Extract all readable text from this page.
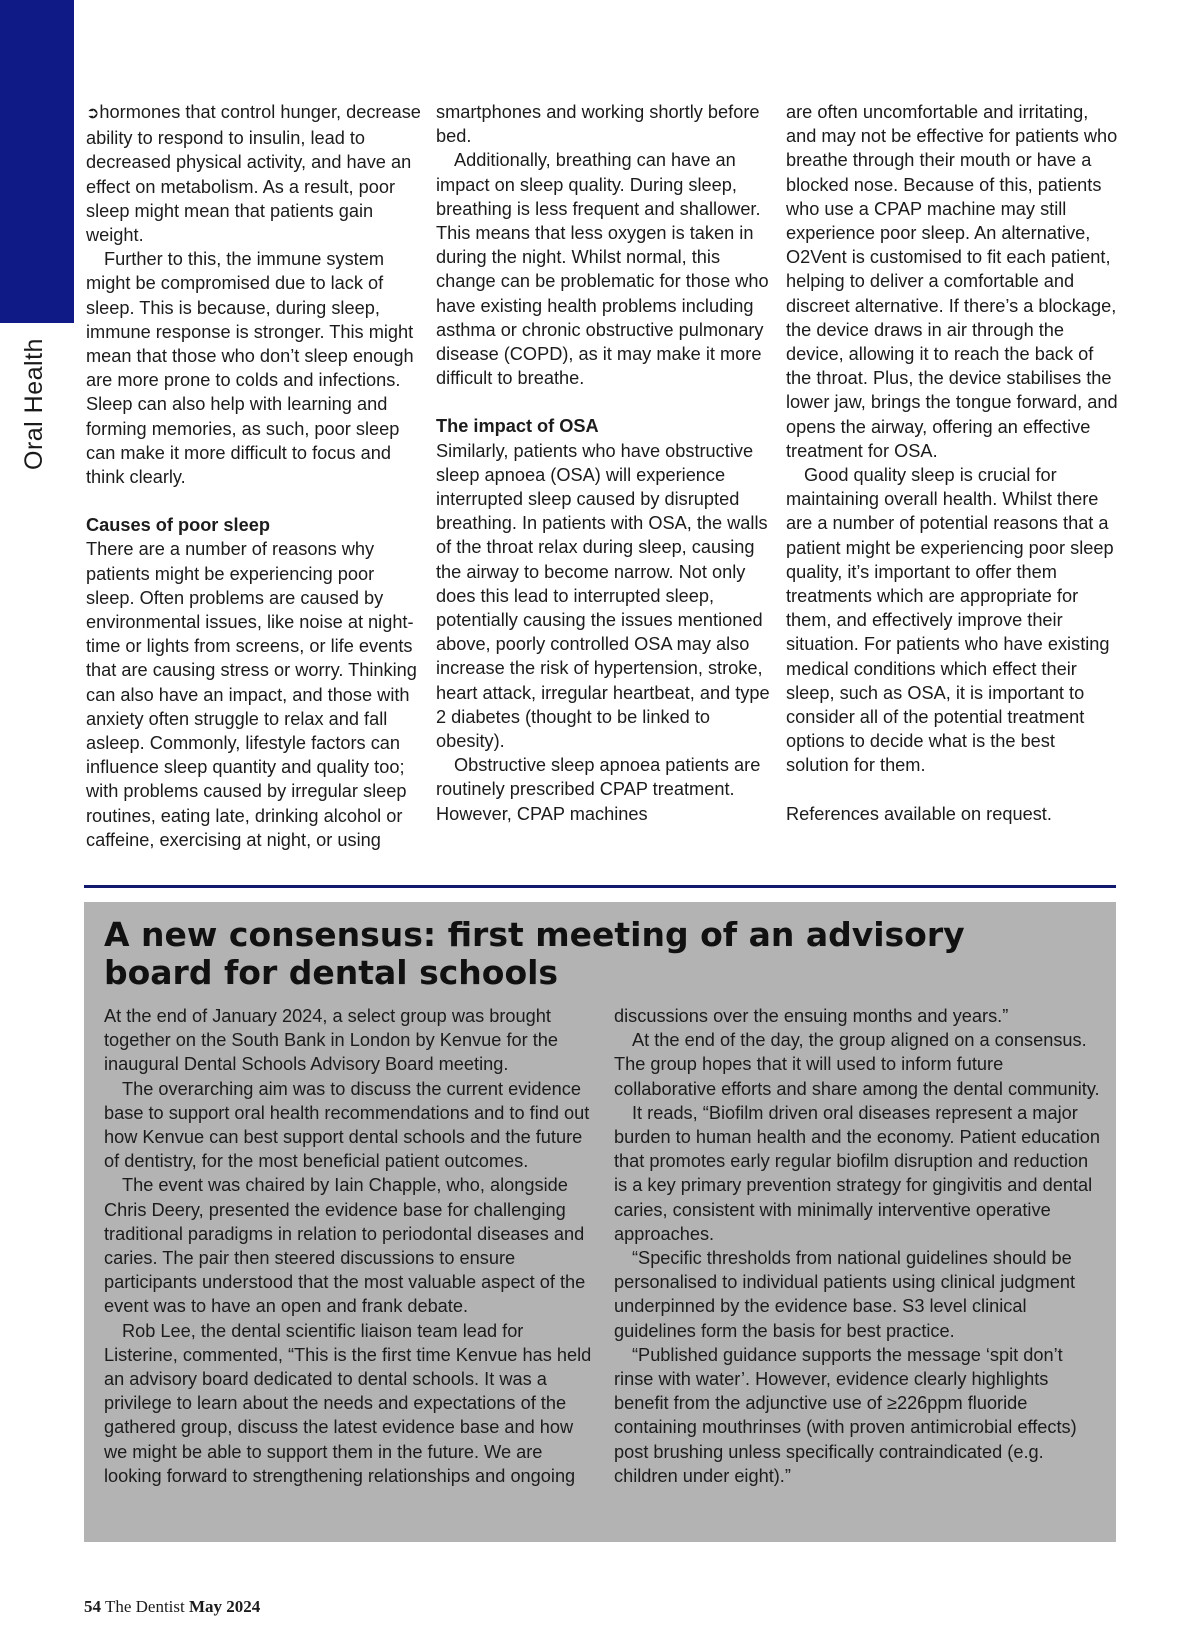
Oral Health

➲hormones that control hunger, decrease ability to respond to insulin, lead to decreased physical activity, and have an effect on metabolism. As a result, poor sleep might mean that patients gain weight.

Further to this, the immune system might be compromised due to lack of sleep. This is because, during sleep, immune response is stronger. This might mean that those who don’t sleep enough are more prone to colds and infections. Sleep can also help with learning and forming memories, as such, poor sleep can make it more difficult to focus and think clearly.

Causes of poor sleep

There are a number of reasons why patients might be experiencing poor sleep. Often problems are caused by environmental issues, like noise at night-time or lights from screens, or life events that are causing stress or worry. Thinking can also have an impact, and those with anxiety often struggle to relax and fall asleep. Commonly, lifestyle factors can influence sleep quantity and quality too; with problems caused by irregular sleep routines, eating late, drinking alcohol or caffeine, exercising at night, or using

smartphones and working shortly before bed.

Additionally, breathing can have an impact on sleep quality. During sleep, breathing is less frequent and shallower. This means that less oxygen is taken in during the night. Whilst normal, this change can be problematic for those who have existing health problems including asthma or chronic obstructive pulmonary disease (COPD), as it may make it more difficult to breathe.

The impact of OSA

Similarly, patients who have obstructive sleep apnoea (OSA) will experience interrupted sleep caused by disrupted breathing. In patients with OSA, the walls of the throat relax during sleep, causing the airway to become narrow. Not only does this lead to interrupted sleep, potentially causing the issues mentioned above, poorly controlled OSA may also increase the risk of hypertension, stroke, heart attack, irregular heartbeat, and type 2 diabetes (thought to be linked to obesity).

Obstructive sleep apnoea patients are routinely prescribed CPAP treatment. However, CPAP machines

are often uncomfortable and irritating, and may not be effective for patients who breathe through their mouth or have a blocked nose. Because of this, patients who use a CPAP machine may still experience poor sleep. An alternative, O2Vent is customised to fit each patient, helping to deliver a comfortable and discreet alternative. If there’s a blockage, the device draws in air through the device, allowing it to reach the back of the throat. Plus, the device stabilises the lower jaw, brings the tongue forward, and opens the airway, offering an effective treatment for OSA.

Good quality sleep is crucial for maintaining overall health. Whilst there are a number of potential reasons that a patient might be experiencing poor sleep quality, it’s important to offer them treatments which are appropriate for them, and effectively improve their situation. For patients who have existing medical conditions which effect their sleep, such as OSA, it is important to consider all of the potential treatment options to decide what is the best solution for them.

References available on request.

A new consensus: first meeting of an advisory board for dental schools

At the end of January 2024, a select group was brought together on the South Bank in London by Kenvue for the inaugural Dental Schools Advisory Board meeting.

The overarching aim was to discuss the current evidence base to support oral health recommendations and to find out how Kenvue can best support dental schools and the future of dentistry, for the most beneficial patient outcomes.

The event was chaired by Iain Chapple, who, alongside Chris Deery, presented the evidence base for challenging traditional paradigms in relation to periodontal diseases and caries. The pair then steered discussions to ensure participants understood that the most valuable aspect of the event was to have an open and frank debate.

Rob Lee, the dental scientific liaison team lead for Listerine, commented, “This is the first time Kenvue has held an advisory board dedicated to dental schools. It was a privilege to learn about the needs and expectations of the gathered group, discuss the latest evidence base and how we might be able to support them in the future. We are looking forward to strengthening relationships and ongoing

discussions over the ensuing months and years.”

At the end of the day, the group aligned on a consensus. The group hopes that it will used to inform future collaborative efforts and share among the dental community.

It reads, “Biofilm driven oral diseases represent a major burden to human health and the economy. Patient education that promotes early regular biofilm disruption and reduction is a key primary prevention strategy for gingivitis and dental caries, consistent with minimally interventive operative approaches.

“Specific thresholds from national guidelines should be personalised to individual patients using clinical judgment underpinned by the evidence base. S3 level clinical guidelines form the basis for best practice.

“Published guidance supports the message ‘spit don’t rinse with water’. However, evidence clearly highlights benefit from the adjunctive use of ≥226ppm fluoride containing mouthrinses (with proven antimicrobial effects) post brushing unless specifically contraindicated (e.g. children under eight).”

54 The Dentist May 2024
